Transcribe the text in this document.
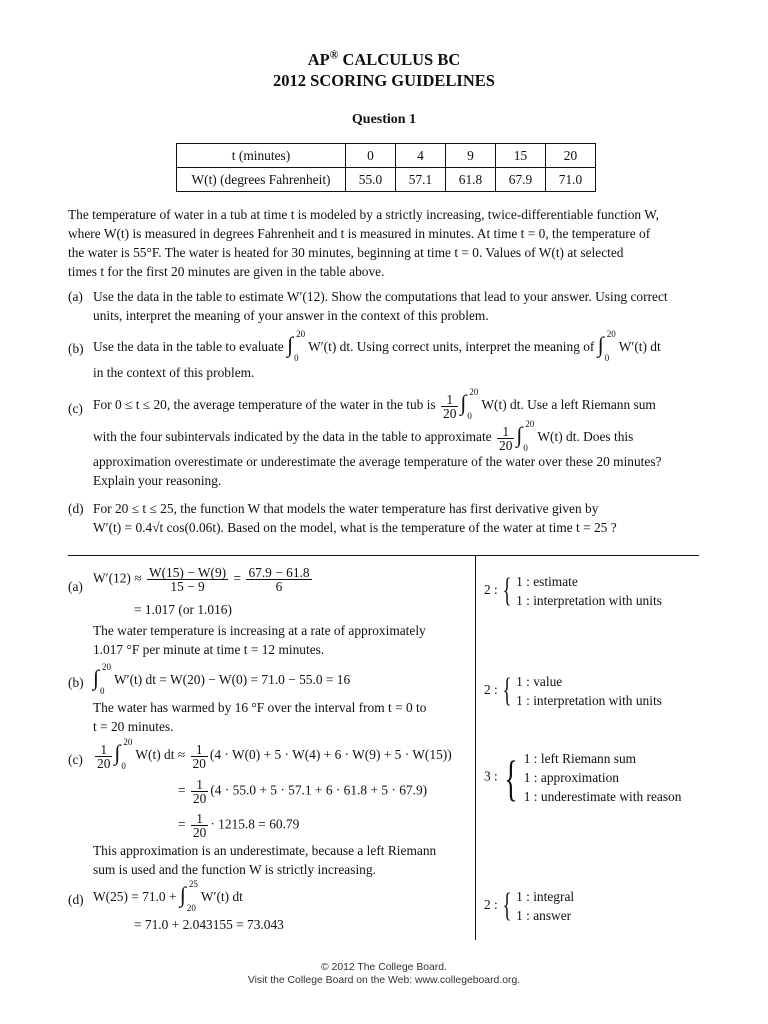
AP® CALCULUS BC
2012 SCORING GUIDELINES
Question 1
t (minutes)	0	4	9	15	20
W(t) (degrees Fahrenheit)	55.0	57.1	61.8	67.9	71.0
The temperature of water in a tub at time t is modeled by a strictly increasing, twice-differentiable function W,
where W(t) is measured in degrees Fahrenheit and t is measured in minutes. At time t = 0, the temperature of
the water is 55°F. The water is heated for 30 minutes, beginning at time t = 0. Values of W(t) at selected
times t for the first 20 minutes are given in the table above.
(a) Use the data in the table to estimate W′(12). Show the computations that lead to your answer. Using correct
units, interpret the meaning of your answer in the context of this problem.
(b) Use the data in the table to evaluate ∫ 20
0
W′(t) dt. Using correct units, interpret the meaning of ∫ 20
0
W′(t) dt
in the context of this problem.
(c) For 0 ≤ t ≤ 20, the average temperature of the water in the tub is $\frac{1}{20}$ ∫ 20
0
W(t) dt. Use a left Riemann sum
with the four subintervals indicated by the data in the table to approximate $\frac{1}{20}$ ∫ 20
0
W(t) dt. Does this
approximation overestimate or underestimate the average temperature of the water over these 20 minutes?
Explain your reasoning.
(d) For 20 ≤ t ≤ 25, the function W that models the water temperature has first derivative given by
W′(t) = 0.4√t cos(0.06t). Based on the model, what is the temperature of the water at time t = 25 ?
(a)
$W'(12) \approx \frac{W(15) - W(9)}{15 - 9} = \frac{67.9 - 61.8}{6}$
= 1.017 (or 1.016)
The water temperature is increasing at a rate of approximately
1.017 °F per minute at time t = 12 minutes.
(b) ∫ 20
0
W′(t) dt = W(20) − W(0) = 71.0 − 55.0 = 16
The water has warmed by 16 °F over the interval from t = 0 to
t = 20 minutes.
$(c) \frac{1}{20}$ ∫ 20
0
W(t) dt ≈ $\frac{1}{20} (4 \cdot W(0) + 5 \cdot W(4) + 6 \cdot W(9) + 5 \cdot W(15))$
= $\frac{1}{20} (4 \cdot 55.0 + 5 \cdot 57.1 + 6 \cdot 61.8 + 5 \cdot 67.9)$
= $\frac{1}{20} \cdot 1215.8 = 60.79$
This approximation is an underestimate, because a left Riemann
sum is used and the function W is strictly increasing.
(d) W(25) = 71.0 + ∫ 25
20
W′(t) dt
= 71.0 + 2.043155 = 73.043
2 : { 1 : estimate
1 : interpretation with units
2 : { 1 : value
1 : interpretation with units
3 : { 1 : left Riemann sum
1 : approximation
1 : underestimate with reason
2 : { 1 : integral
1 : answer
© 2012 The College Board.
Visit the College Board on the Web: www.collegeboard.org.
